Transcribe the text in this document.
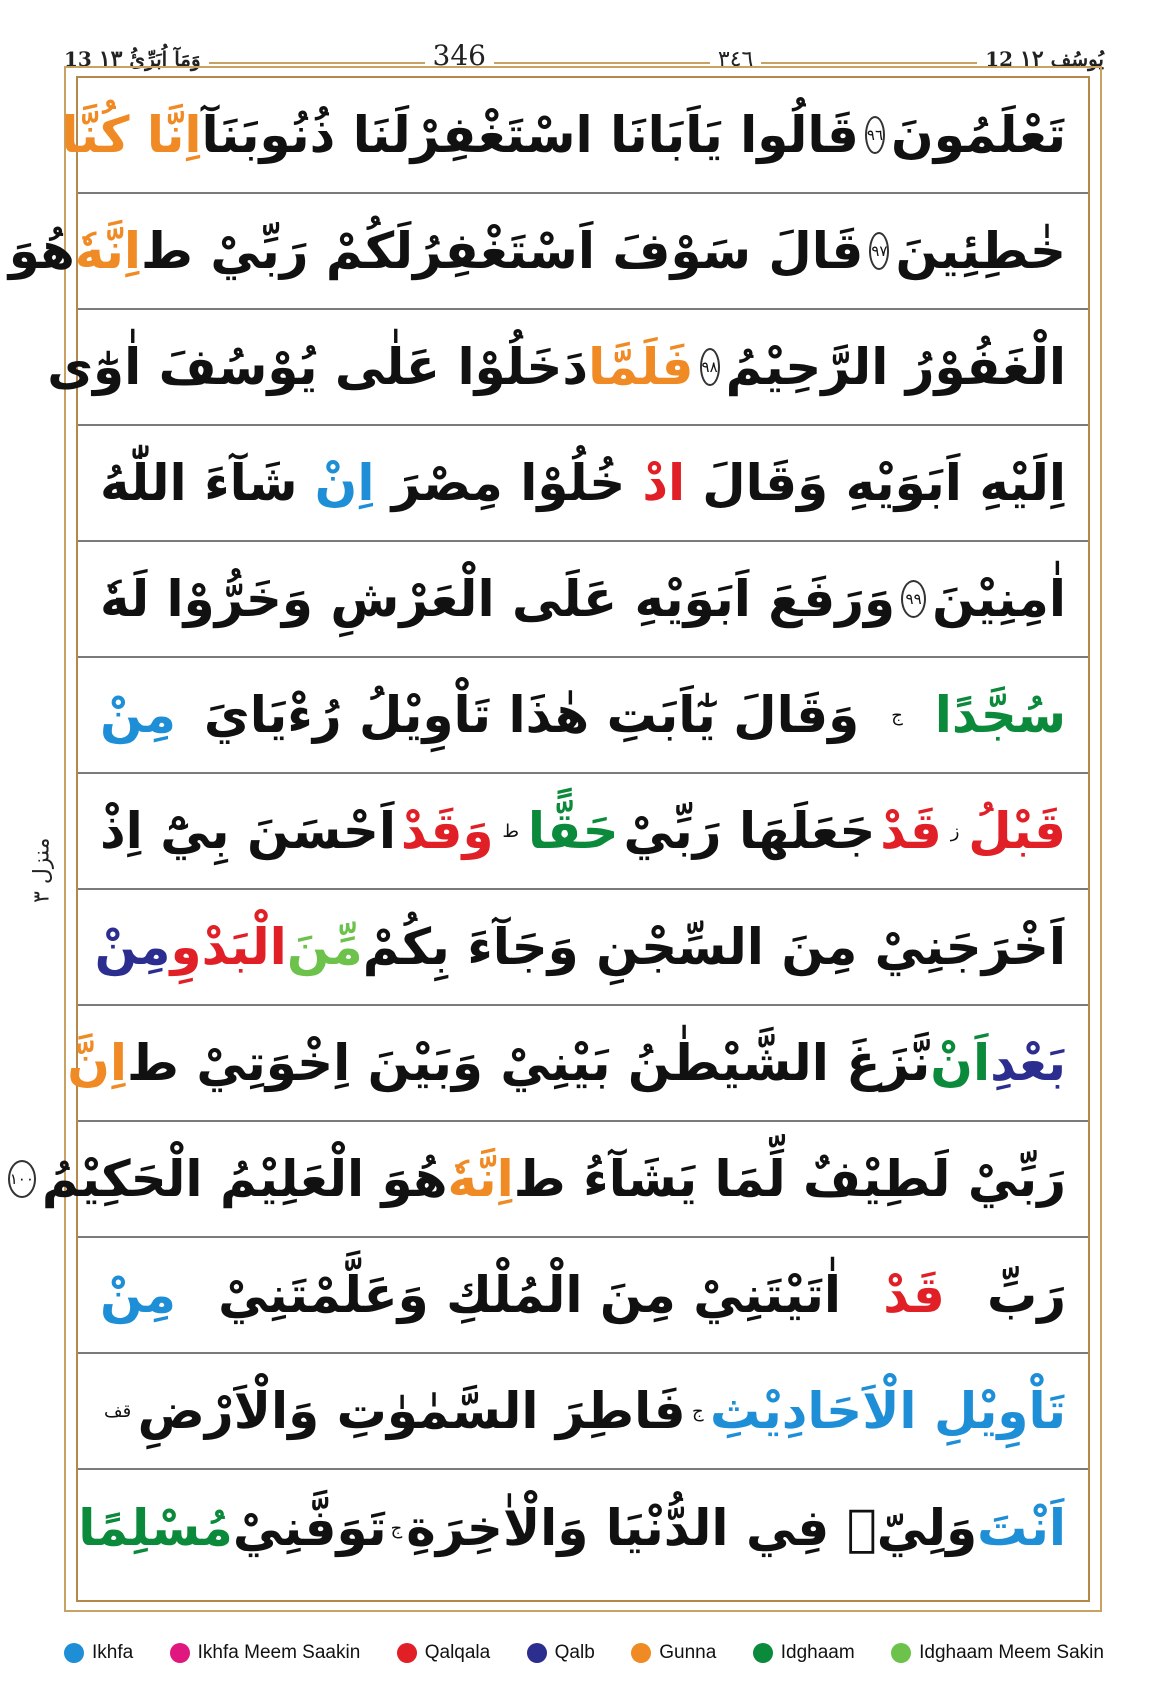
13 وَمَآ اُبَرِّئُ ١٣	346	٣٤٦	12 يُوسُف ١٢
منزل ٣
تَعْلَمُونَ
٩٦
قَالُوا يَاَبَانَا اسْتَغْفِرْلَنَا ذُنُوبَنَآ
اِنَّا كُنَّا
خٰطِئِينَ
٩٧
قَالَ سَوْفَ اَسْتَغْفِرُلَكُمْ رَبِّيْ ط
اِنَّهٗ
هُوَ
الْغَفُوْرُ الرَّحِيْمُ
٩٨
فَلَمَّا
دَخَلُوْا عَلٰى يُوْسُفَ اٰوٰٓى
اِلَيْهِ اَبَوَيْهِ وَقَالَ
ادْ
خُلُوْا مِصْرَ
اِنْ
شَآءَ اللّٰهُ
اٰمِنِيْنَ
٩٩
وَرَفَعَ اَبَوَيْهِ عَلَى الْعَرْشِ وَخَرُّوْا لَهٗ
سُجَّدًا
ج
وَقَالَ يٰٓاَبَتِ هٰذَا تَاْوِيْلُ رُءْيَايَ
مِنْ
قَبْلُ
ز
قَدْ
جَعَلَهَا رَبِّيْ
حَقًّا
ط
وَقَدْ
اَحْسَنَ بِيْٓ اِذْ
اَخْرَجَنِيْ مِنَ السِّجْنِ وَجَآءَ بِكُمْ
مِّنَ
الْبَدْوِ
مِنْ
بَعْدِ
اَنْ
نَّزَغَ الشَّيْطٰنُ بَيْنِيْ وَبَيْنَ اِخْوَتِيْ ط
اِنَّ
رَبِّيْ لَطِيْفٌ لِّمَا يَشَآءُ ط
اِنَّهٗ
هُوَ الْعَلِيْمُ الْحَكِيْمُ
١٠٠
رَبِّ
قَدْ
اٰتَيْتَنِيْ مِنَ الْمُلْكِ وَعَلَّمْتَنِيْ
مِنْ
تَاْوِيْلِ الْاَحَادِيْثِ
ج
فَاطِرَ السَّمٰوٰتِ وَالْاَرْضِ
قف
اَنْتَ
وَلِيّٖ فِي الدُّنْيَا وَالْاٰخِرَةِ
ج
تَوَفَّنِيْ
مُسْلِمًا
Ikhfa	Ikhfa Meem Saakin	Qalqala	Qalb	Gunna	Idghaam	Idghaam Meem Sakin
